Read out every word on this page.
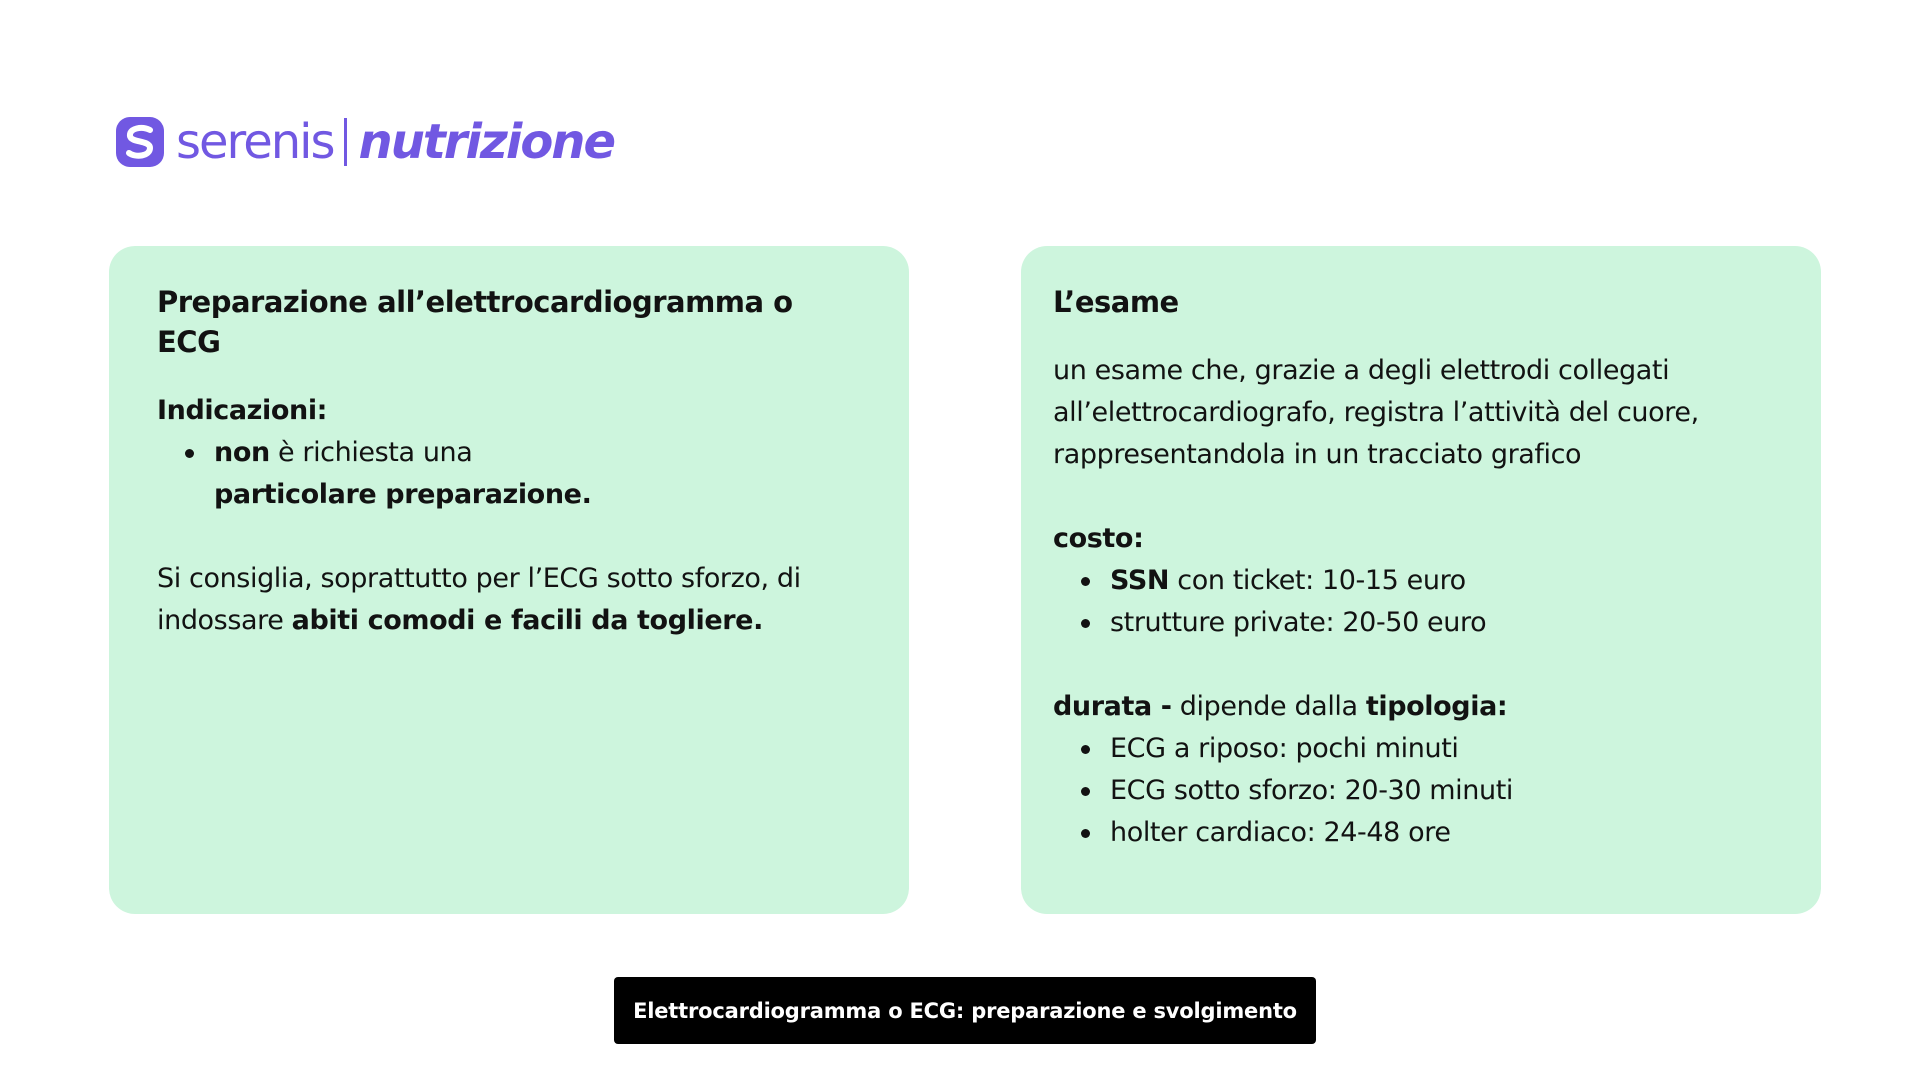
serenis nutrizione
Preparazione all’elettrocardiogramma o ECG

Indicazioni:

non è richiesta una
particolare preparazione.

Si consiglia, soprattutto per l’ECG sotto sforzo, di indossare abiti comodi e facili da togliere.

L’esame

un esame che, grazie a degli elettrodi collegati all’elettrocardiografo, registra l’attività del cuore, rappresentandola in un tracciato grafico

costo:

SSN con ticket: 10-15 euro
strutture private: 20-50 euro

durata - dipende dalla tipologia:

ECG a riposo: pochi minuti
ECG sotto sforzo: 20-30 minuti
holter cardiaco: 24-48 ore
Elettrocardiogramma o ECG: preparazione e svolgimento
